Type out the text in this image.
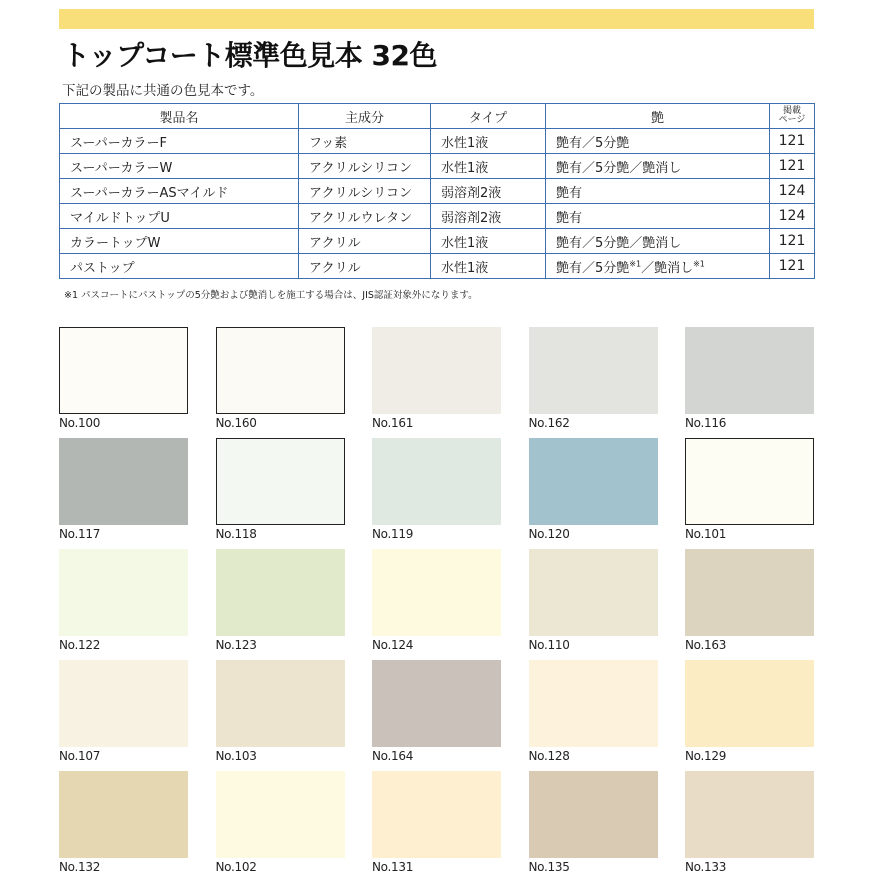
トップコート標準色見本 32色
下記の製品に共通の色見本です。
製品名	主成分	タイプ	艶	掲載
ページ
スーパーカラーF	フッ素	水性1液	艶有／5分艶	121
スーパーカラーW	アクリルシリコン	水性1液	艶有／5分艶／艶消し	121
スーパーカラーASマイルド	アクリルシリコン	弱溶剤2液	艶有	124
マイルドトップU	アクリルウレタン	弱溶剤2液	艶有	124
カラートップW	アクリル	水性1液	艶有／5分艶／艶消し	121
パストップ	アクリル	水性1液	艶有／5分艶$^{※1}$／艶消し$^{※1}$	121
※1 パスコートにパストップの5分艶および艶消しを施工する場合は、JIS認証対象外になります。
No.100	No.160	No.161	No.162	No.116
No.117	No.118	No.119	No.120	No.101
No.122	No.123	No.124	No.110	No.163
No.107	No.103	No.164	No.128	No.129
No.132	No.102	No.131	No.135	No.133
